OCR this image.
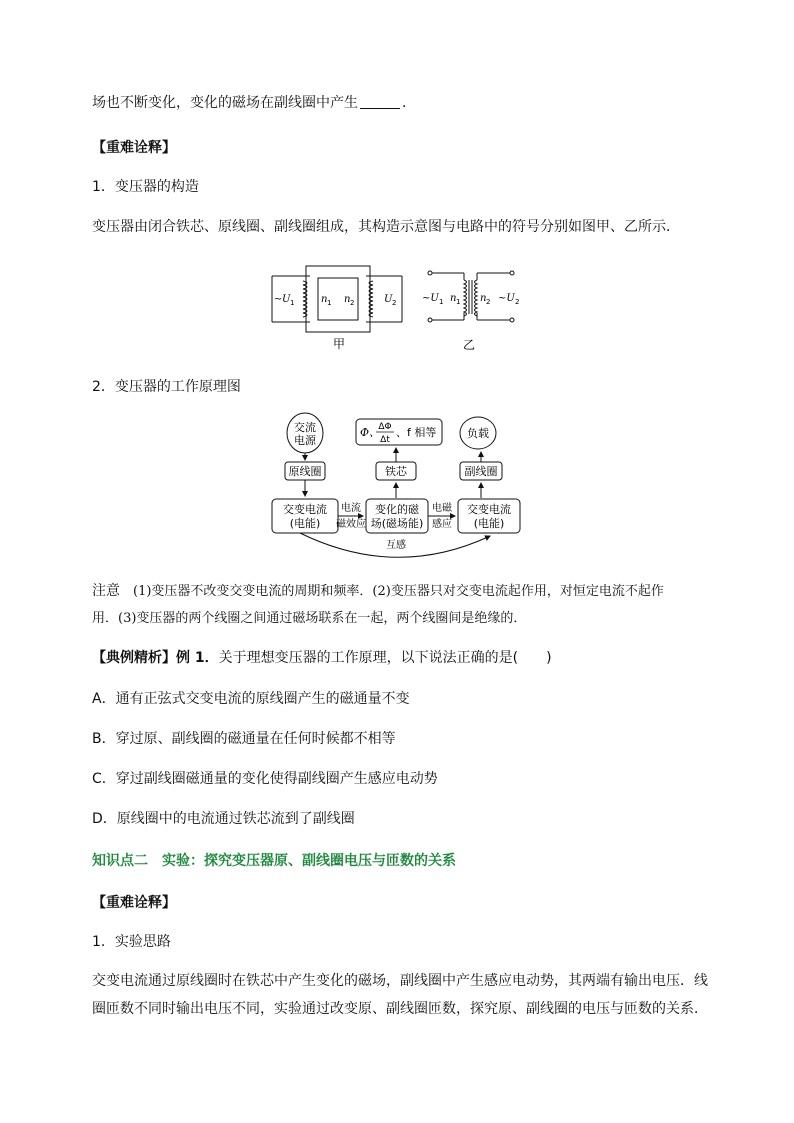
场也不断变化，变化的磁场在副线圈中产生	．
【重难诠释】
1．变压器的构造
变压器由闭合铁芯、原线圈、副线圈组成，其构造示意图与电路中的符号分别如图甲、乙所示．
~ U 1	n 1 n 2	U 2
甲
~U 1 n 1 n 2 ~U 2
乙
2．变压器的工作原理图
交流
电源
原线圈
交变电流
(电能)
电流
磁效应
变化的磁
场(磁场能)
铁芯
Φ、
ΔΦ
Δt
、f 相等
电磁
感应
交变电流
(电能)
副线圈
负载
互感
注意　 (1)变压器不改变交变电流的周期和频率．(2)变压器只对交变电流起作用，对恒定电流不起作
用．(3)变压器的两个线圈之间通过磁场联系在一起，两个线圈间是绝缘的．
【典例精析】例 1．关于理想变压器的工作原理，以下说法正确的是(　　)
A．通有正弦式交变电流的原线圈产生的磁通量不变
B．穿过原、副线圈的磁通量在任何时候都不相等
C．穿过副线圈磁通量的变化使得副线圈产生感应电动势
D．原线圈中的电流通过铁芯流到了副线圈
知识点二　实验：探究变压器原、副线圈电压与匝数的关系
【重难诠释】
1．实验思路
交变电流通过原线圈时在铁芯中产生变化的磁场，副线圈中产生感应电动势，其两端有输出电压．线
圈匝数不同时输出电压不同，实验通过改变原、副线圈匝数，探究原、副线圈的电压与匝数的关系．
